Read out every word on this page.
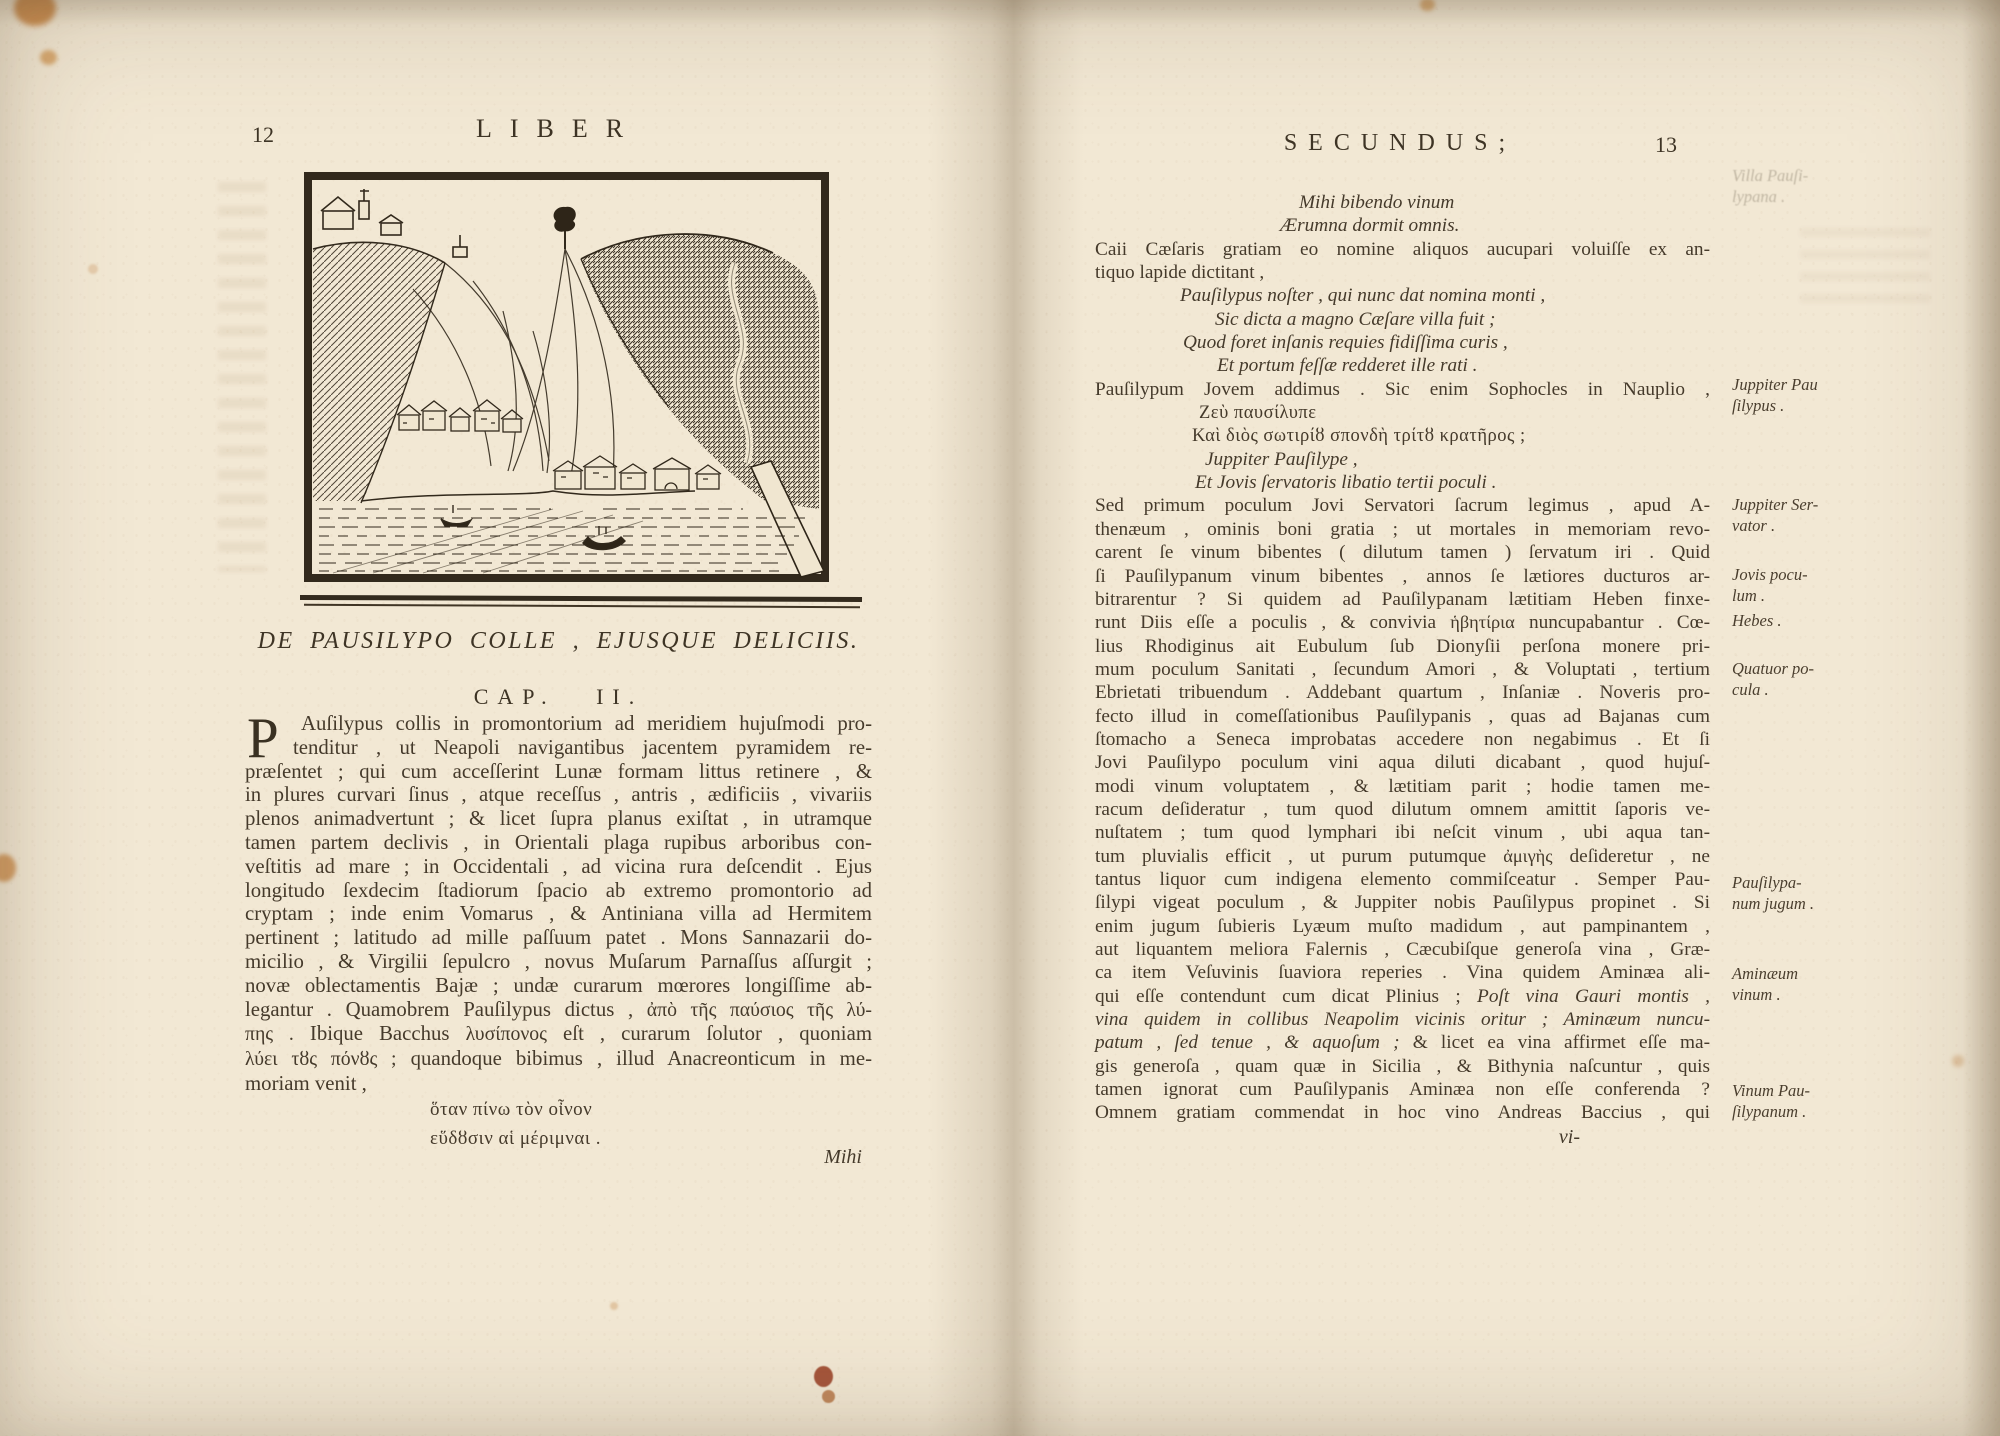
12	LIBER
DE PAUSILYPO COLLE , EJUSQUE DELICIIS.
CAP. II.
P	Auſilypus collis in promontorium ad meridiem hujuſmodi pro-
tenditur , ut Neapoli navigantibus jacentem pyramidem re-
præſentet ; qui cum acceſſerint Lunæ formam littus retinere , &
in plures curvari ſinus , atque receſſus , antris , ædificiis , vivariis
plenos animadvertunt ; & licet ſupra planus exiſtat , in utramque
tamen partem declivis , in Orientali plaga rupibus arboribus con-
veſtitis ad mare ; in Occidentali , ad vicina rura deſcendit . Ejus
longitudo ſexdecim ſtadiorum ſpacio ab extremo promontorio ad
cryptam ; inde enim Vomarus , & Antiniana villa ad Hermitem
pertinent ; latitudo ad mille paſſuum patet . Mons Sannazarii do-
micilio , & Virgilii ſepulcro , novus Muſarum Parnaſſus aſſurgit ;
novæ oblectamentis Bajæ ; undæ curarum mœrores longiſſime ab-
legantur . Quamobrem Pauſilypus dictus , ἀπὸ τῆς παύσιος τῆς λύ-
πης . Ibique Bacchus λυσίπονος eſt , curarum ſolutor , quoniam
λύει τȣς πόνȣς ; quandoque bibimus , illud Anacreonticum in me-
moriam venit ,
ὅταν πίνω τὸν οἶνον
εὕδȣσιν αἱ μέριμναι .
Mihi
SECUNDUS;	13
Mihi bibendo vinum
Ærumna dormit omnis.
Caii Cæſaris gratiam eo nomine aliquos aucupari voluiſſe ex an-
tiquo lapide dictitant ,
Pauſilypus noſter , qui nunc dat nomina monti ,
Sic dicta a magno Cæſare villa fuit ;
Quod foret inſanis requies fidiſſima curis ,
Et portum feſſæ redderet ille rati .
Pauſilypum Jovem addimus . Sic enim Sophocles in Nauplio ,
Ζεὺ παυσίλυπε
Καὶ διὸς σωτιρίȣ σπονδὴ τρίτȣ κρατῆρος ;
Juppiter Pauſilype ,
Et Jovis ſervatoris libatio tertii poculi .
Sed primum poculum Jovi Servatori ſacrum legimus , apud A-
thenæum , ominis boni gratia ; ut mortales in memoriam revo-
carent ſe vinum bibentes ( dilutum tamen ) ſervatum iri . Quid
ſi Pauſilypanum vinum bibentes , annos ſe lætiores ducturos ar-
bitrarentur ? Si quidem ad Pauſilypanam lætitiam Heben finxe-
runt Diis eſſe a poculis , & convivia ἡβητίρια nuncupabantur . Cœ-
lius Rhodiginus ait Eubulum ſub Dionyſii perſona monere pri-
mum poculum Sanitati , ſecundum Amori , & Voluptati , tertium
Ebrietati tribuendum . Addebant quartum , Inſaniæ . Noveris pro-
fecto illud in comeſſationibus Pauſilypanis , quas ad Bajanas cum
ſtomacho a Seneca improbatas accedere non negabimus . Et ſi
Jovi Pauſilypo poculum vini aqua diluti dicabant , quod hujuſ-
modi vinum voluptatem , & lætitiam parit ; hodie tamen me-
racum deſideratur , tum quod dilutum omnem amittit ſaporis ve-
nuſtatem ; tum quod lymphari ibi neſcit vinum , ubi aqua tan-
tum pluvialis efficit , ut purum putumque ἀμιγὴς deſideretur , ne
tantus liquor cum indigena elemento commiſceatur . Semper Pau-
ſilypi vigeat poculum , & Juppiter nobis Pauſilypus propinet . Si
enim jugum ſubieris Lyæum muſto madidum , aut pampinantem ,
aut liquantem meliora Falernis , Cæcubiſque generoſa vina , Græ-
ca item Veſuvinis ſuaviora reperies . Vina quidem Aminæa ali-
qui eſſe contendunt cum dicat Plinius ; Poſt vina Gauri montis ,
vina quidem in collibus Neapolim vicinis oritur ; Aminæum nuncu-
patum , ſed tenue , & aquoſum ; & licet ea vina affirmet eſſe ma-
gis generoſa , quam quæ in Sicilia , & Bithynia naſcuntur , quis
tamen ignorat cum Pauſilypanis Aminæa non eſſe conferenda ?
Omnem gratiam commendat in hoc vino Andreas Baccius , qui
Juppiter Pau
ſilypus .
Juppiter Ser-
vator .
Jovis pocu-
lum .
Hebes .
Quatuor po-
cula .
Pauſilypa-
num jugum .
Aminæum
vinum .
Vinum Pau-
ſilypanum .
Villa Pauſi-
lypana .
vi-
